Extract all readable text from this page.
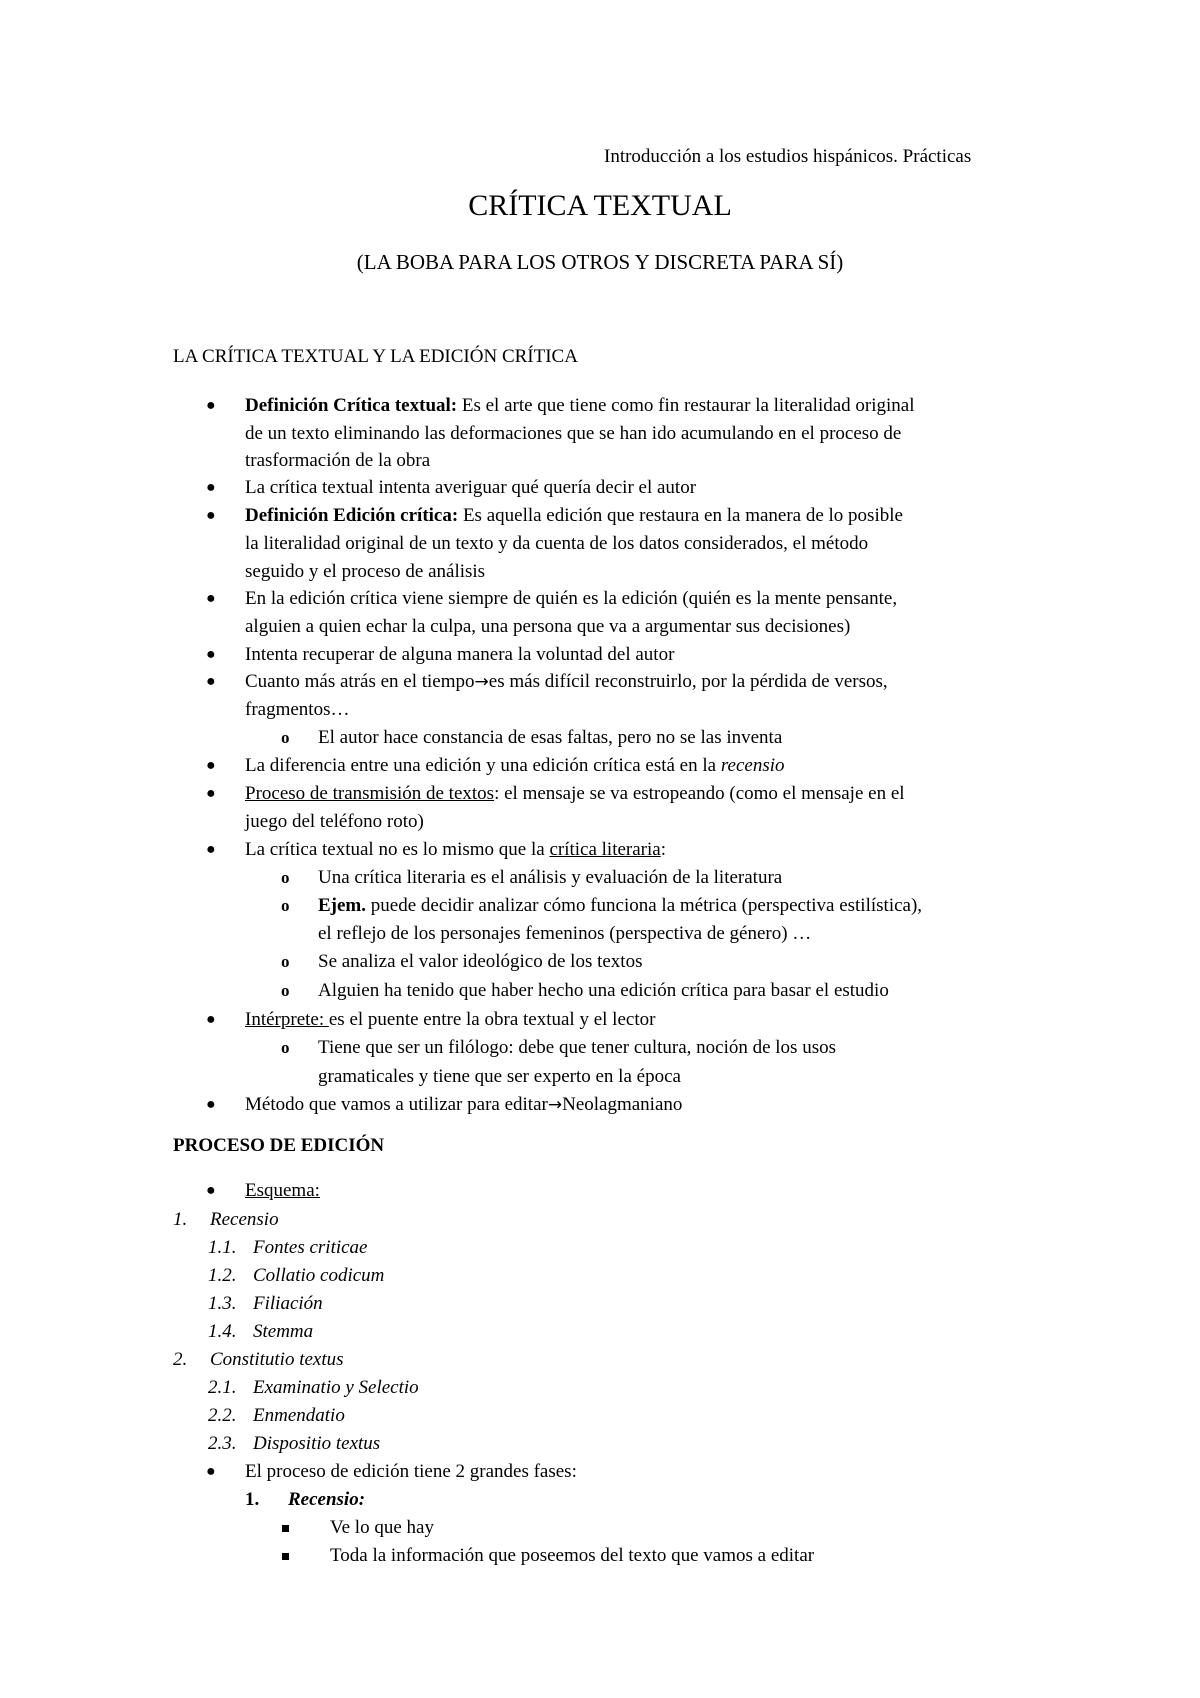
Introducción a los estudios hispánicos. Prácticas
CRÍTICA TEXTUAL
(LA BOBA PARA LOS OTROS Y DISCRETA PARA SÍ)
LA CRÍTICA TEXTUAL Y LA EDICIÓN CRÍTICA
● Definición Crítica textual: Es el arte que tiene como fin restaurar la literalidad original
de un texto eliminando las deformaciones que se han ido acumulando en el proceso de
trasformación de la obra
● La crítica textual intenta averiguar qué quería decir el autor
● Definición Edición crítica: Es aquella edición que restaura en la manera de lo posible
la literalidad original de un texto y da cuenta de los datos considerados, el método
seguido y el proceso de análisis
● En la edición crítica viene siempre de quién es la edición (quién es la mente pensante,
alguien a quien echar la culpa, una persona que va a argumentar sus decisiones)
● Intenta recuperar de alguna manera la voluntad del autor
● Cuanto más atrás en el tiempo→es más difícil reconstruirlo, por la pérdida de versos,
fragmentos…
o El autor hace constancia de esas faltas, pero no se las inventa
● La diferencia entre una edición y una edición crítica está en la recensio
● Proceso de transmisión de textos: el mensaje se va estropeando (como el mensaje en el
juego del teléfono roto)
● La crítica textual no es lo mismo que la crítica literaria:
o Una crítica literaria es el análisis y evaluación de la literatura
o Ejem. puede decidir analizar cómo funciona la métrica (perspectiva estilística),
el reflejo de los personajes femeninos (perspectiva de género) …
o Se analiza el valor ideológico de los textos
o Alguien ha tenido que haber hecho una edición crítica para basar el estudio
● Intérprete: es el puente entre la obra textual y el lector
o Tiene que ser un filólogo: debe que tener cultura, noción de los usos
gramaticales y tiene que ser experto en la época
● Método que vamos a utilizar para editar→Neolagmaniano
PROCESO DE EDICIÓN
● Esquema:
1. Recensio
1.1. Fontes criticae
1.2. Collatio codicum
1.3. Filiación
1.4. Stemma
2. Constitutio textus
2.1. Examinatio y Selectio
2.2. Enmendatio
2.3. Dispositio textus
● El proceso de edición tiene 2 grandes fases:
1. Recensio:
Ve lo que hay
Toda la información que poseemos del texto que vamos a editar
